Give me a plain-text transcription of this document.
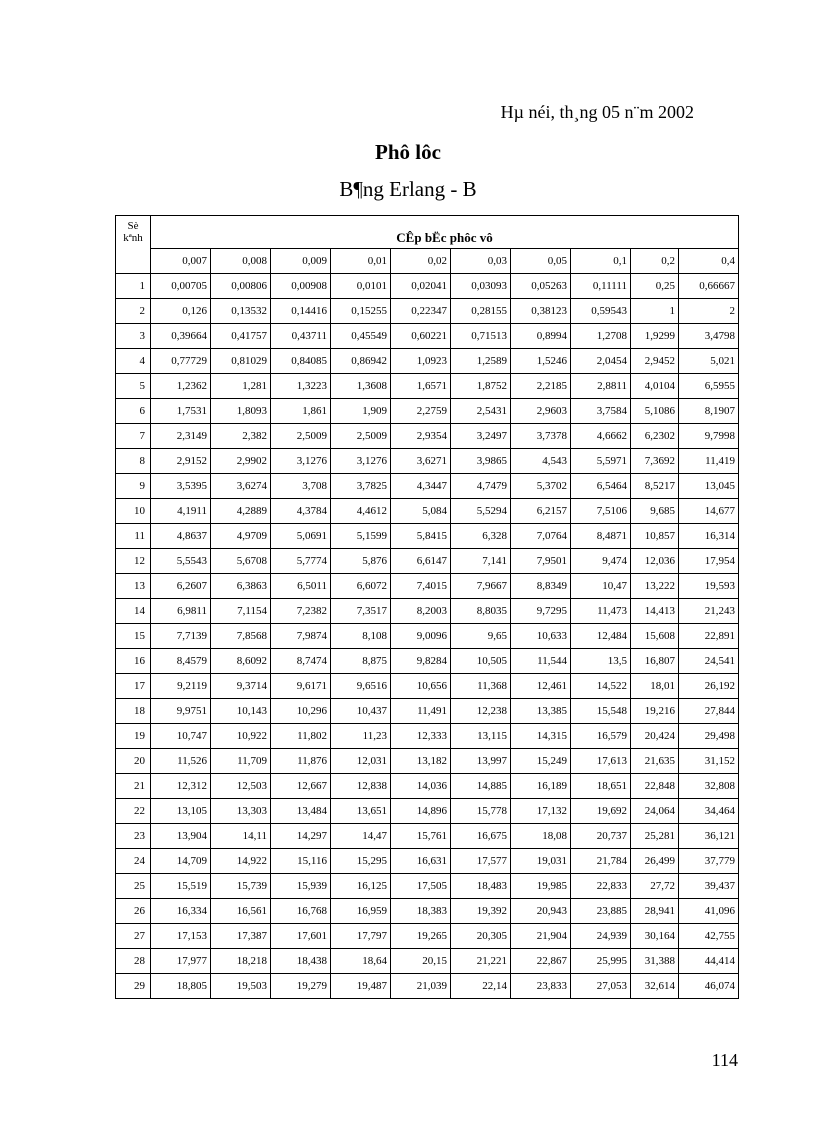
Hµ néi, th¸ng 05 n¨m 2002
Phô lôc
B¶ng Erlang - B
Sè
kªnh	CÊp bËc phôc vô									
	0,007	0,008	0,009	0,01	0,02	0,03	0,05	0,1	0,2	0,4
1	0,00705	0,00806	0,00908	0,0101	0,02041	0,03093	0,05263	0,11111	0,25	0,66667
2	0,126	0,13532	0,14416	0,15255	0,22347	0,28155	0,38123	0,59543	1	2
3	0,39664	0,41757	0,43711	0,45549	0,60221	0,71513	0,8994	1,2708	1,9299	3,4798
4	0,77729	0,81029	0,84085	0,86942	1,0923	1,2589	1,5246	2,0454	2,9452	5,021
5	1,2362	1,281	1,3223	1,3608	1,6571	1,8752	2,2185	2,8811	4,0104	6,5955
6	1,7531	1,8093	1,861	1,909	2,2759	2,5431	2,9603	3,7584	5,1086	8,1907
7	2,3149	2,382	2,5009	2,5009	2,9354	3,2497	3,7378	4,6662	6,2302	9,7998
8	2,9152	2,9902	3,1276	3,1276	3,6271	3,9865	4,543	5,5971	7,3692	11,419
9	3,5395	3,6274	3,708	3,7825	4,3447	4,7479	5,3702	6,5464	8,5217	13,045
10	4,1911	4,2889	4,3784	4,4612	5,084	5,5294	6,2157	7,5106	9,685	14,677
11	4,8637	4,9709	5,0691	5,1599	5,8415	6,328	7,0764	8,4871	10,857	16,314
12	5,5543	5,6708	5,7774	5,876	6,6147	7,141	7,9501	9,474	12,036	17,954
13	6,2607	6,3863	6,5011	6,6072	7,4015	7,9667	8,8349	10,47	13,222	19,593
14	6,9811	7,1154	7,2382	7,3517	8,2003	8,8035	9,7295	11,473	14,413	21,243
15	7,7139	7,8568	7,9874	8,108	9,0096	9,65	10,633	12,484	15,608	22,891
16	8,4579	8,6092	8,7474	8,875	9,8284	10,505	11,544	13,5	16,807	24,541
17	9,2119	9,3714	9,6171	9,6516	10,656	11,368	12,461	14,522	18,01	26,192
18	9,9751	10,143	10,296	10,437	11,491	12,238	13,385	15,548	19,216	27,844
19	10,747	10,922	11,802	11,23	12,333	13,115	14,315	16,579	20,424	29,498
20	11,526	11,709	11,876	12,031	13,182	13,997	15,249	17,613	21,635	31,152
21	12,312	12,503	12,667	12,838	14,036	14,885	16,189	18,651	22,848	32,808
22	13,105	13,303	13,484	13,651	14,896	15,778	17,132	19,692	24,064	34,464
23	13,904	14,11	14,297	14,47	15,761	16,675	18,08	20,737	25,281	36,121
24	14,709	14,922	15,116	15,295	16,631	17,577	19,031	21,784	26,499	37,779
25	15,519	15,739	15,939	16,125	17,505	18,483	19,985	22,833	27,72	39,437
26	16,334	16,561	16,768	16,959	18,383	19,392	20,943	23,885	28,941	41,096
27	17,153	17,387	17,601	17,797	19,265	20,305	21,904	24,939	30,164	42,755
28	17,977	18,218	18,438	18,64	20,15	21,221	22,867	25,995	31,388	44,414
29	18,805	19,503	19,279	19,487	21,039	22,14	23,833	27,053	32,614	46,074
114
